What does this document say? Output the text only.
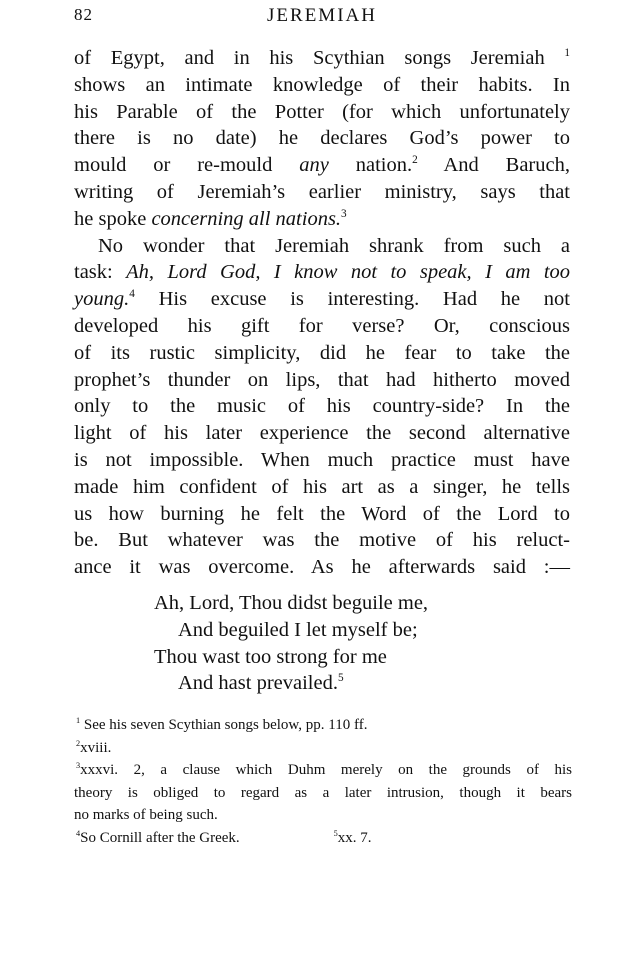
82	JEREMIAH
of Egypt, and in his Scythian songs Jeremiah $^1$
shows an intimate knowledge of their habits. In
his Parable of the Potter (for which unfortunately
there is no date) he declares God’s power to
mould or re-mould any nation.$^2$ And Baruch,
writing of Jeremiah’s earlier ministry, says that
he spoke concerning all nations.$^3$
No wonder that Jeremiah shrank from such a
task: Ah, Lord God, I know not to speak, I am too
young.$^4$ His excuse is interesting. Had he not
developed his gift for verse? Or, conscious
of its rustic simplicity, did he fear to take the
prophet’s thunder on lips, that had hitherto moved
only to the music of his country-side? In the
light of his later experience the second alternative
is not impossible. When much practice must have
made him confident of his art as a singer, he tells
us how burning he felt the Word of the Lord to
be. But whatever was the motive of his reluct-
ance it was overcome. As he afterwards said :—
Ah, Lord, Thou didst beguile me,
And beguiled I let myself be;
Thou wast too strong for me
And hast prevailed.$^5$
$^1$ See his seven Scythian songs below, pp. 110 ff.
$^2$xviii.
$^3$xxxvi. 2, a clause which Duhm merely on the grounds of his
theory is obliged to regard as a later intrusion, though it bears
no marks of being such.
$^4$So Cornill after the Greek.	$^5$xx. 7.
